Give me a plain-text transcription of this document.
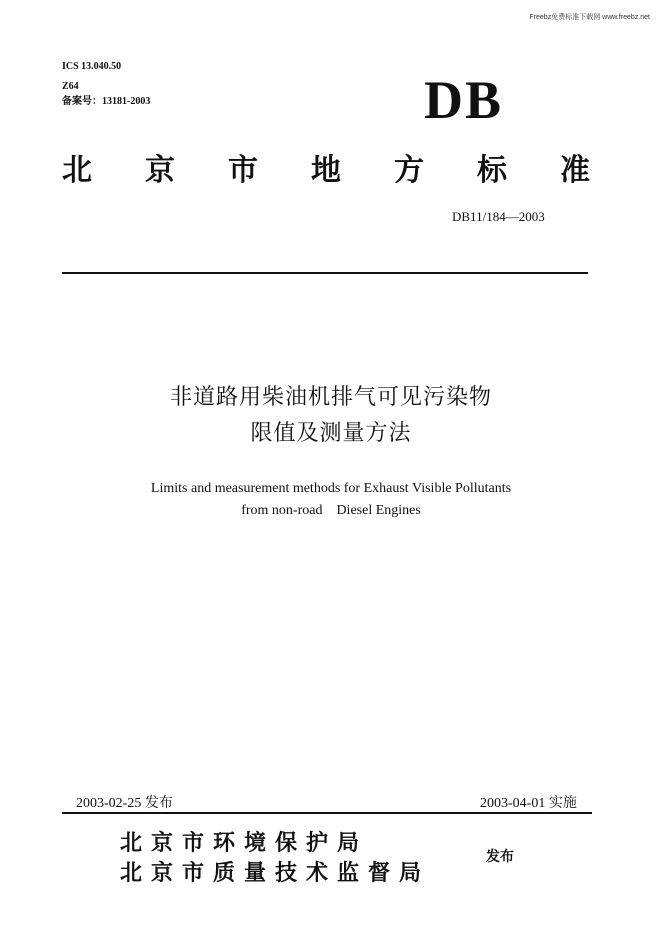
Freebz免费标准下载网 www.freebz.net
ICS 13.040.50
Z64
备案号：13181-2003	DB
北 京 市 地 方 标 准
DB11/184—2003
非道路用柴油机排气可见污染物
限值及测量方法
Limits and measurement methods for Exhaust Visible Pollutants
from non-road    Diesel Engines
2003-02-25 发布	2003-04-01 实施
北京市环境保护局
北京市质量技术监督局
发布
